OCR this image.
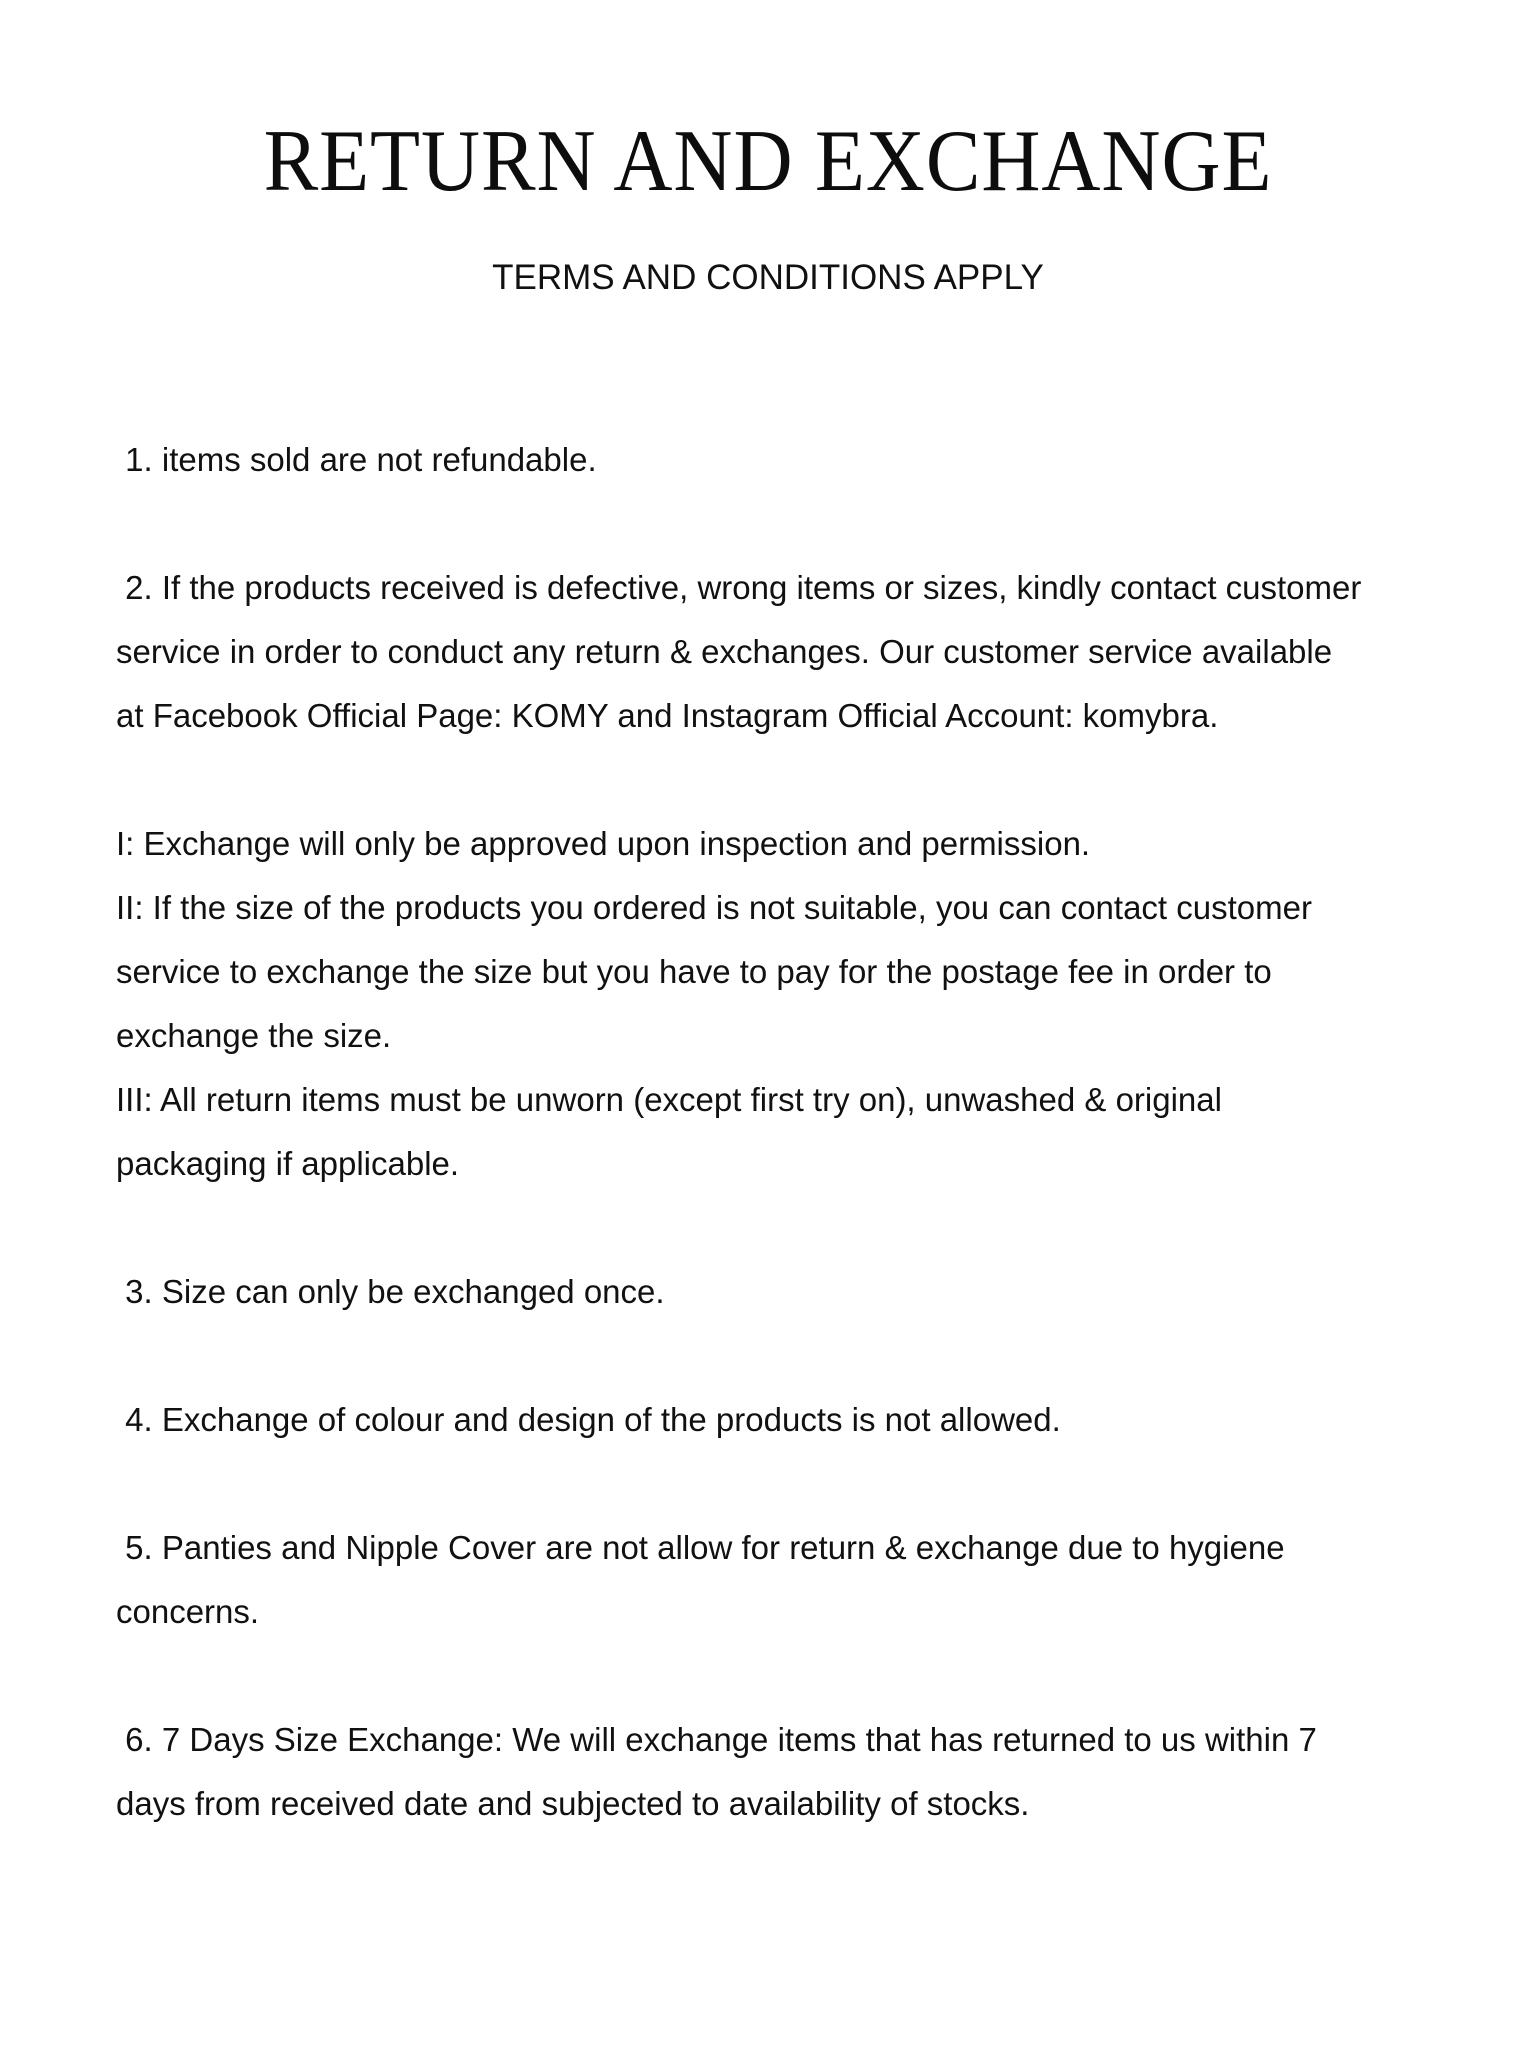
RETURN AND EXCHANGE
TERMS AND CONDITIONS APPLY
1. items sold are not refundable.
2. If the products received is defective, wrong items or sizes, kindly contact customer
service in order to conduct any return & exchanges. Our customer service available
at Facebook Official Page: KOMY and Instagram Official Account: komybra.
I: Exchange will only be approved upon inspection and permission.
II: If the size of the products you ordered is not suitable, you can contact customer
service to exchange the size but you have to pay for the postage fee in order to
exchange the size.
III: All return items must be unworn (except first try on), unwashed & original
packaging if applicable.
3. Size can only be exchanged once.
4. Exchange of colour and design of the products is not allowed.
5. Panties and Nipple Cover are not allow for return & exchange due to hygiene
concerns.
6. 7 Days Size Exchange: We will exchange items that has returned to us within 7
days from received date and subjected to availability of stocks.
